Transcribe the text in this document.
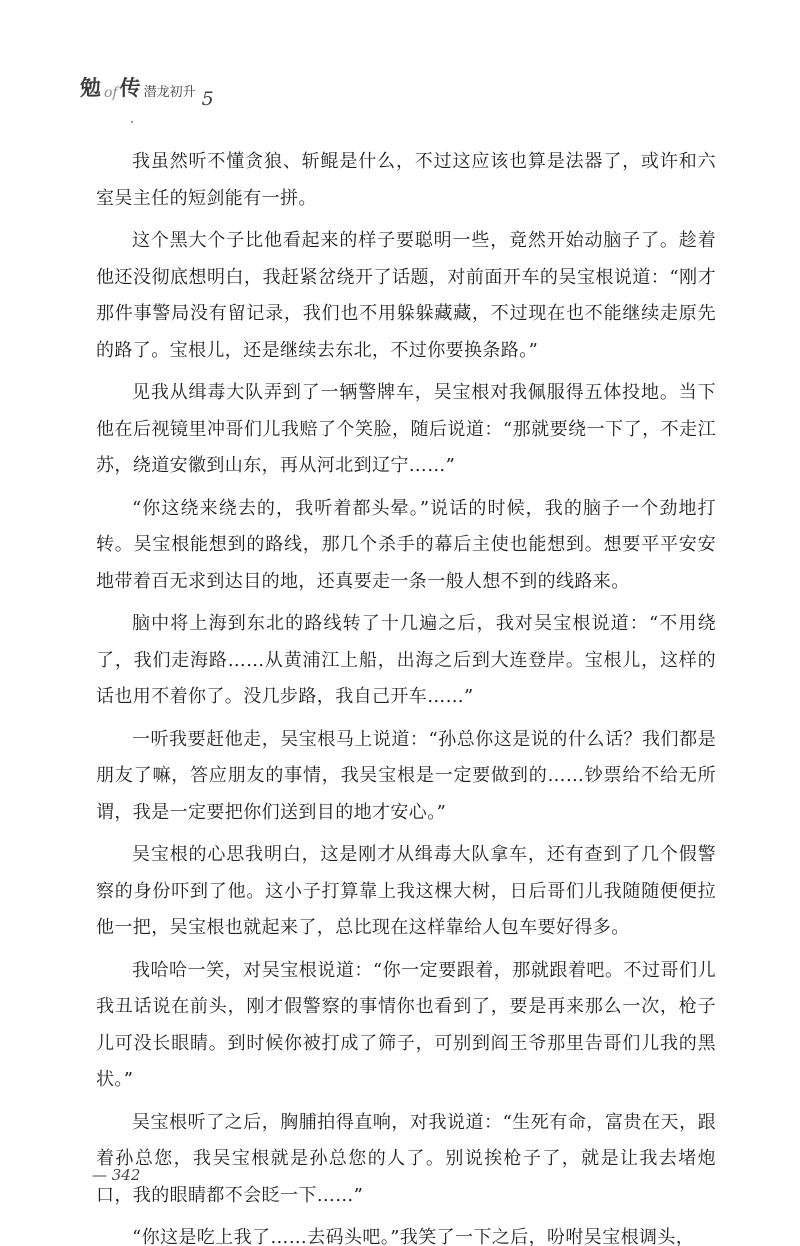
勉 of 传 潜龙初升 5

我虽然听不懂贪狼、斩鲲是什么，不过这应该也算是法器了，或许和六室吴主任的短剑能有一拼。

这个黑大个子比他看起来的样子要聪明一些，竟然开始动脑子了。趁着他还没彻底想明白，我赶紧岔绕开了话题，对前面开车的吴宝根说道：“刚才那件事警局没有留记录，我们也不用躲躲藏藏，不过现在也不能继续走原先的路了。宝根儿，还是继续去东北，不过你要换条路。”

见我从缉毒大队弄到了一辆警牌车，吴宝根对我佩服得五体投地。当下他在后视镜里冲哥们儿我赔了个笑脸，随后说道：“那就要绕一下了，不走江苏，绕道安徽到山东，再从河北到辽宁……”

“你这绕来绕去的，我听着都头晕。”说话的时候，我的脑子一个劲地打转。吴宝根能想到的路线，那几个杀手的幕后主使也能想到。想要平平安安地带着百无求到达目的地，还真要走一条一般人想不到的线路来。

脑中将上海到东北的路线转了十几遍之后，我对吴宝根说道：“不用绕了，我们走海路……从黄浦江上船，出海之后到大连登岸。宝根儿，这样的话也用不着你了。没几步路，我自己开车……”

一听我要赶他走，吴宝根马上说道：“孙总你这是说的什么话？我们都是朋友了嘛，答应朋友的事情，我吴宝根是一定要做到的……钞票给不给无所谓，我是一定要把你们送到目的地才安心。”

吴宝根的心思我明白，这是刚才从缉毒大队拿车，还有查到了几个假警察的身份吓到了他。这小子打算靠上我这棵大树，日后哥们儿我随随便便拉他一把，吴宝根也就起来了，总比现在这样靠给人包车要好得多。

我哈哈一笑，对吴宝根说道：“你一定要跟着，那就跟着吧。不过哥们儿我丑话说在前头，刚才假警察的事情你也看到了，要是再来那么一次，枪子儿可没长眼睛。到时候你被打成了筛子，可别到阎王爷那里告哥们儿我的黑状。”

吴宝根听了之后，胸脯拍得直响，对我说道：“生死有命，富贵在天，跟着孙总您，我吴宝根就是孙总您的人了。别说挨枪子了，就是让我去堵炮口，我的眼睛都不会眨一下……”

“你这是吃上我了……去码头吧。”我笑了一下之后，吩咐吴宝根调头，

— 342
